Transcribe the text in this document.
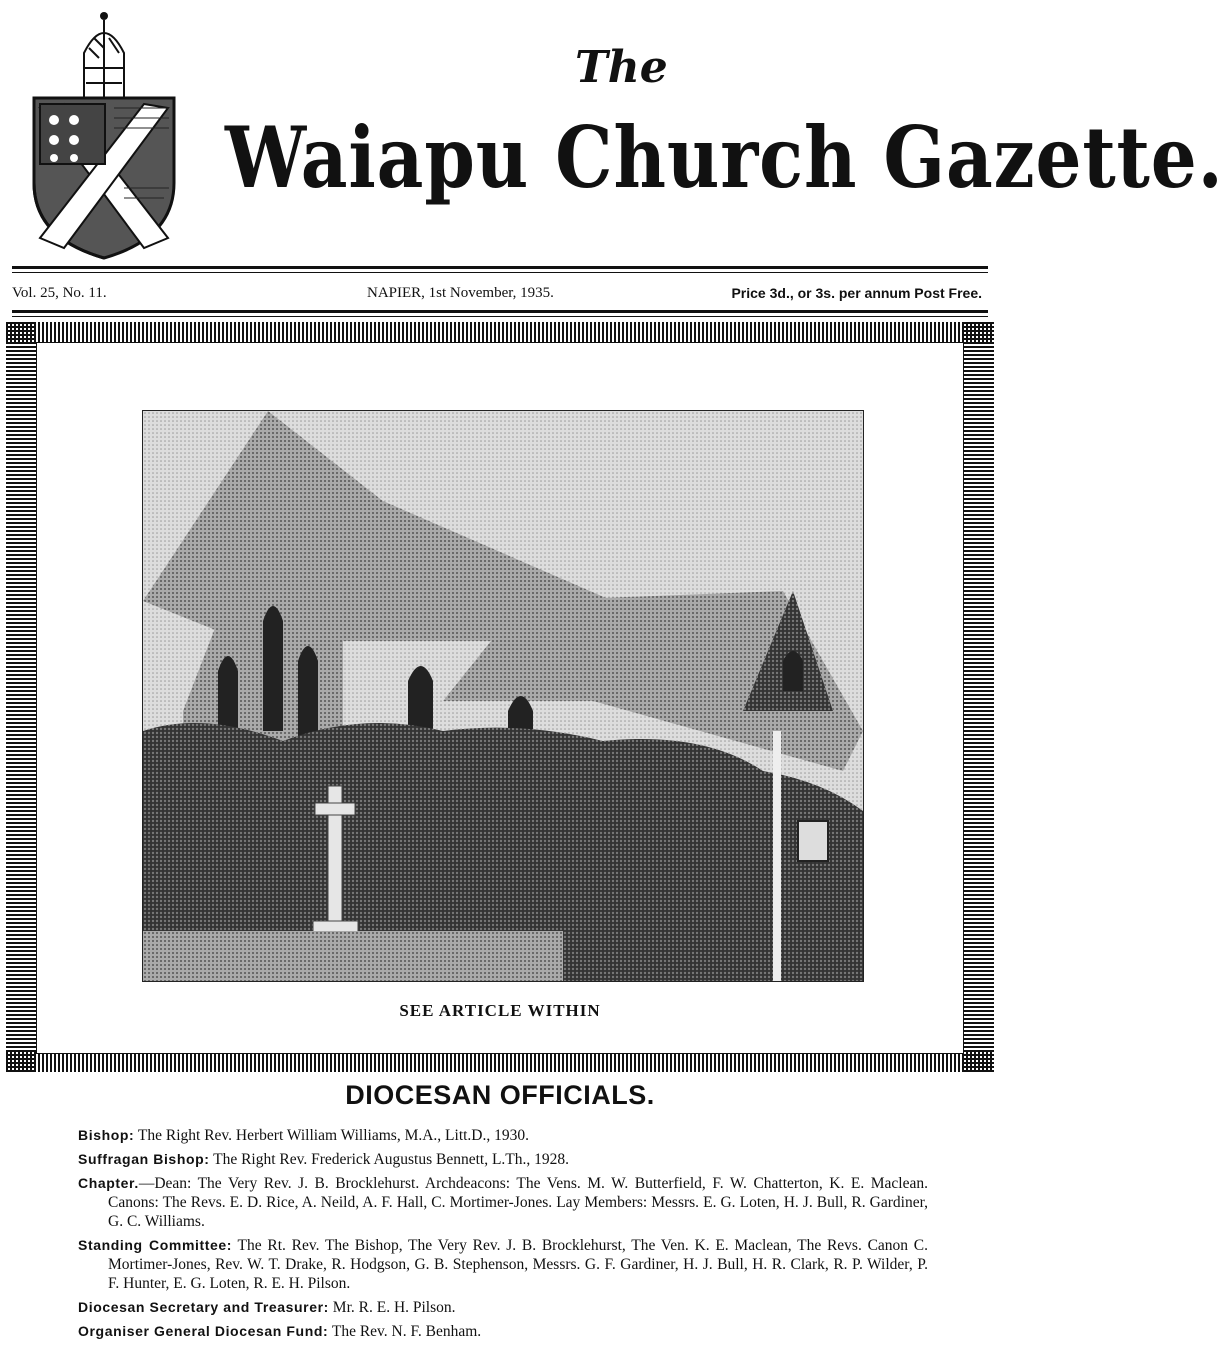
The
Waiapu Church Gazette.
Vol. 25, No. 11.	NAPIER, 1st November, 1935.	Price 3d., or 3s. per annum Post Free.
SEE ARTICLE WITHIN
DIOCESAN OFFICIALS.
Bishop: The Right Rev. Herbert William Williams, M.A., Litt.D., 1930.
Suffragan Bishop: The Right Rev. Frederick Augustus Bennett, L.Th., 1928.
Chapter.—Dean: The Very Rev. J. B. Brocklehurst. Archdeacons: The Vens. M. W. Butterfield, F. W. Chatterton, K. E. Maclean. Canons: The Revs. E. D. Rice, A. Neild, A. F. Hall, C. Mortimer-Jones. Lay Members: Messrs. E. G. Loten, H. J. Bull, R. Gardiner, G. C. Williams.
Standing Committee: The Rt. Rev. The Bishop, The Very Rev. J. B. Brocklehurst, The Ven. K. E. Maclean, The Revs. Canon C. Mortimer-Jones, Rev. W. T. Drake, R. Hodgson, G. B. Stephenson, Messrs. G. F. Gardiner, H. J. Bull, H. R. Clark, R. P. Wilder, P. F. Hunter, E. G. Loten, R. E. H. Pilson.
Diocesan Secretary and Treasurer: Mr. R. E. H. Pilson.
Organiser General Diocesan Fund: The Rev. N. F. Benham.
